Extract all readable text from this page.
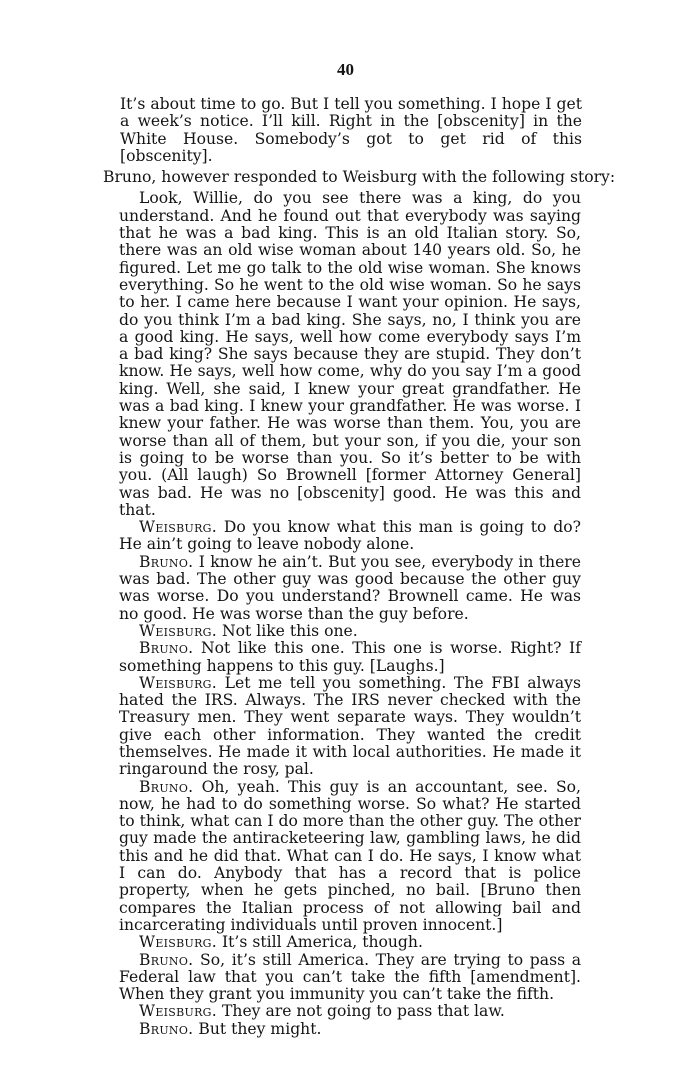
40

It’s about time to go. But I tell you something. I hope I get a week’s notice. I’ll kill. Right in the [obscenity] in the White House. Somebody’s got to get rid of this [obscenity].

Bruno, however responded to Weisburg with the following story:

Look, Willie, do you see there was a king, do you understand. And he found out that everybody was saying that he was a bad king. This is an old Italian story. So, there was an old wise woman about 140 years old. So, he figured. Let me go talk to the old wise woman. She knows everything. So he went to the old wise woman. So he says to her. I came here because I want your opinion. He says, do you think I’m a bad king. She says, no, I think you are a good king. He says, well how come everybody says I’m a bad king? She says because they are stupid. They don’t know. He says, well how come, why do you say I’m a good king. Well, she said, I knew your great grandfather. He was a bad king. I knew your grandfather. He was worse. I knew your father. He was worse than them. You, you are worse than all of them, but your son, if you die, your son is going to be worse than you. So it’s better to be with you. (All laugh) So Brownell [former Attorney General] was bad. He was no [obscenity] good. He was this and that.

Weisburg. Do you know what this man is going to do? He ain’t going to leave nobody alone.

Bruno. I know he ain’t. But you see, everybody in there was bad. The other guy was good because the other guy was worse. Do you understand? Brownell came. He was no good. He was worse than the guy before.

Weisburg. Not like this one.

Bruno. Not like this one. This one is worse. Right? If something happens to this guy. [Laughs.]

Weisburg. Let me tell you something. The FBI always hated the IRS. Always. The IRS never checked with the Treasury men. They went separate ways. They wouldn’t give each other information. They wanted the credit themselves. He made it with local authorities. He made it ringaround the rosy, pal.

Bruno. Oh, yeah. This guy is an accountant, see. So, now, he had to do something worse. So what? He started to think, what can I do more than the other guy. The other guy made the antiracketeering law, gambling laws, he did this and he did that. What can I do. He says, I know what I can do. Anybody that has a record that is police property, when he gets pinched, no bail. [Bruno then compares the Italian process of not allowing bail and incarcerating individuals until proven innocent.]

Weisburg. It’s still America, though.

Bruno. So, it’s still America. They are trying to pass a Federal law that you can’t take the fifth [amendment]. When they grant you immunity you can’t take the fifth.

Weisburg. They are not going to pass that law.

Bruno. But they might.
